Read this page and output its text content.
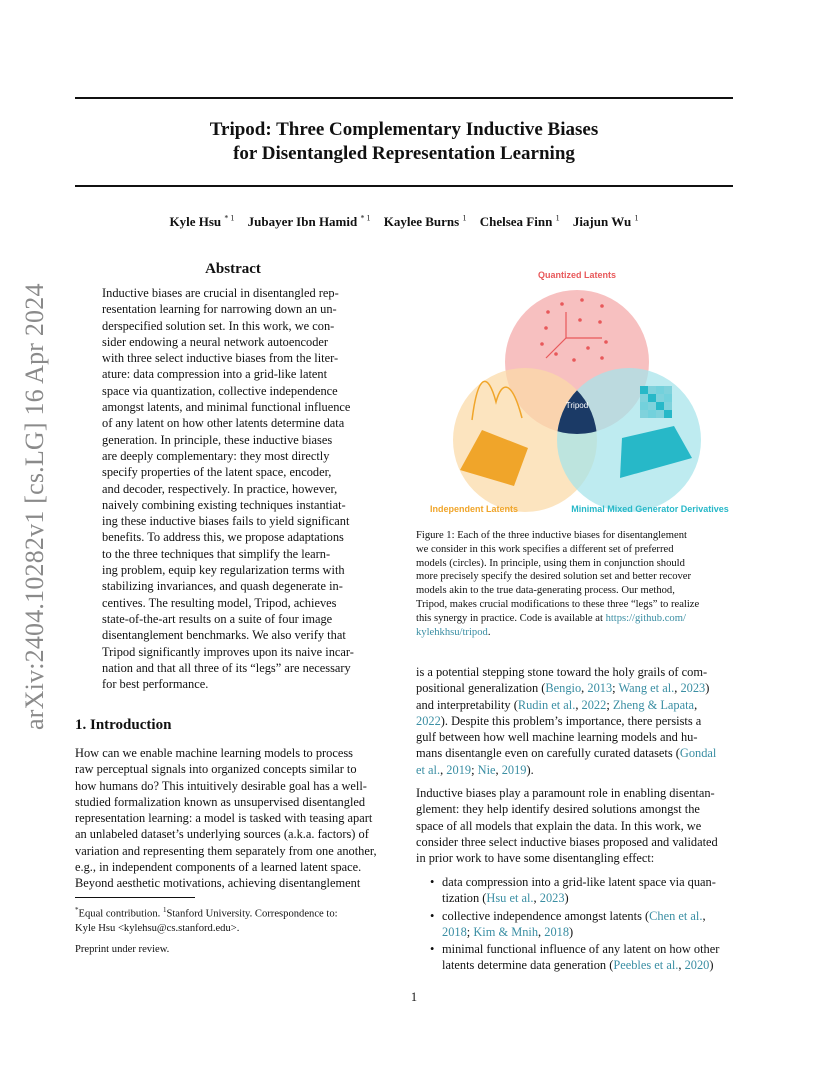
Tripod: Three Complementary Inductive Biases
for Disentangled Representation Learning
Kyle Hsu $^{* 1}$ Jubayer Ibn Hamid $^{* 1}$ Kaylee Burns $^1$ Chelsea Finn $^1$ Jiajun Wu $^1$
arXiv:2404.10282v1 [cs.LG] 16 Apr 2024
Abstract
Inductive biases are crucial in disentangled rep-
resentation learning for narrowing down an un-
derspecified solution set. In this work, we con-
sider endowing a neural network autoencoder
with three select inductive biases from the liter-
ature: data compression into a grid-like latent
space via quantization, collective independence
amongst latents, and minimal functional influence
of any latent on how other latents determine data
generation. In principle, these inductive biases
are deeply complementary: they most directly
specify properties of the latent space, encoder,
and decoder, respectively. In practice, however,
naively combining existing techniques instantiat-
ing these inductive biases fails to yield significant
benefits. To address this, we propose adaptations
to the three techniques that simplify the learn-
ing problem, equip key regularization terms with
stabilizing invariances, and quash degenerate in-
centives. The resulting model, Tripod, achieves
state-of-the-art results on a suite of four image
disentanglement benchmarks. We also verify that
Tripod significantly improves upon its naive incar-
nation and that all three of its “legs” are necessary
for best performance.
1. Introduction
How can we enable machine learning models to process
raw perceptual signals into organized concepts similar to
how humans do? This intuitively desirable goal has a well-
studied formalization known as unsupervised disentangled
representation learning: a model is tasked with teasing apart
an unlabeled dataset’s underlying sources (a.k.a. factors) of
variation and representing them separately from one another,
e.g., in independent components of a learned latent space.
Beyond aesthetic motivations, achieving disentanglement
*Equal contribution. $^1$Stanford University. Correspondence to:
Kyle Hsu <kylehsu@cs.stanford.edu>.
Preprint under review.
Quantized Latents
Tripod
Independent Latents	Minimal Mixed Generator Derivatives
Figure 1: Each of the three inductive biases for disentanglement
we consider in this work specifies a different set of preferred
models (circles). In principle, using them in conjunction should
more precisely specify the desired solution set and better recover
models akin to the true data-generating process. Our method,
Tripod, makes crucial modifications to these three “legs” to realize
this synergy in practice. Code is available at https://github.com/
kylehkhsu/tripod.
is a potential stepping stone toward the holy grails of com-
positional generalization (Bengio, 2013; Wang et al., 2023)
and interpretability (Rudin et al., 2022; Zheng & Lapata,
2022). Despite this problem’s importance, there persists a
gulf between how well machine learning models and hu-
mans disentangle even on carefully curated datasets (Gondal
et al., 2019; Nie, 2019).
Inductive biases play a paramount role in enabling disentan-
glement: they help identify desired solutions amongst the
space of all models that explain the data. In this work, we
consider three select inductive biases proposed and validated
in prior work to have some disentangling effect:
• data compression into a grid-like latent space via quan-
tization (Hsu et al., 2023)
• collective independence amongst latents (Chen et al.,
2018; Kim & Mnih, 2018)
• minimal functional influence of any latent on how other
latents determine data generation (Peebles et al., 2020)
1
